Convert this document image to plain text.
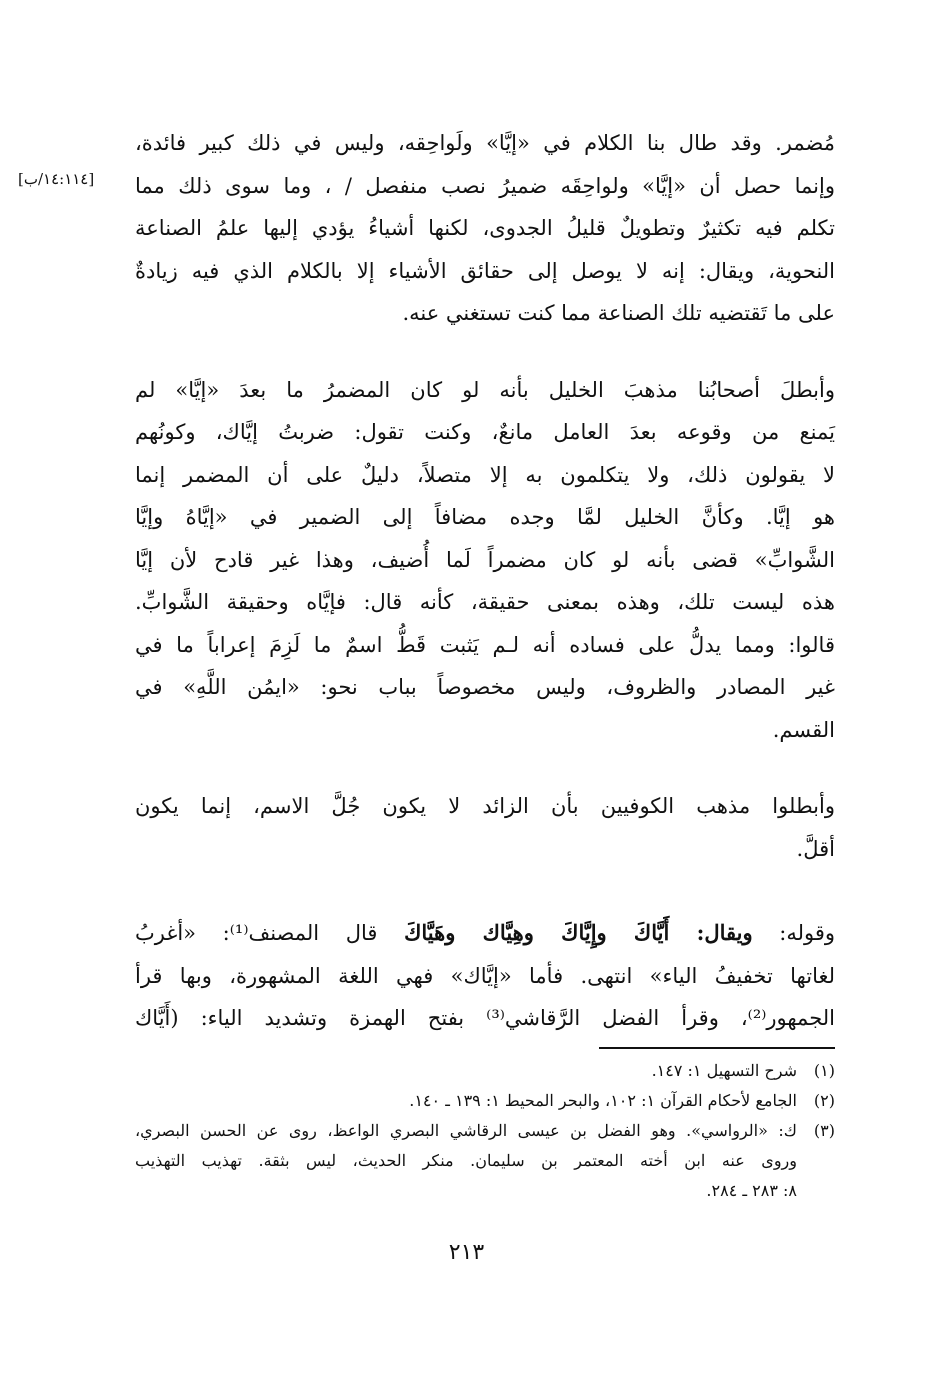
[١٤:١١٤/ب]
مُضمر. وقد طال بنا الكلام في «إيَّا» ولَواحِقه، وليس في ذلك كبير فائدة،
وإنما حصل أن «إيَّا» ولواحِقَه ضميرُ نصب منفصل / ، وما سوى ذلك مما
تكلم فيه تكثيرٌ وتطويلٌ قليلُ الجدوى، لكنها أشياءُ يؤدي إليها علمُ الصناعة
النحوية، ويقال: إنه لا يوصل إلى حقائق الأشياء إلا بالكلام الذي فيه زيادةٌ
على ما تَقتضيه تلك الصناعة مما كنت تستغني عنه.
وأبطلَ أصحابُنا مذهبَ الخليل بأنه لو كان المضمرُ ما بعدَ «إيَّا» لم
يَمنع من وقوعه بعدَ العامل مانعٌ، وكنت تقول: ضربتُ إيَّاك، وكونُهم
لا يقولون ذلك، ولا يتكلمون به إلا متصلاً، دليلٌ على أن المضمر إنما
هو إيَّا. وكأنَّ الخليل لمَّا وجده مضافاً إلى الضمير في «إيَّاهُ وإيَّا
الشَّوابِّ» قضى بأنه لو كان مضمراً لَما أُضيف، وهذا غير قادح لأن إيَّا
هذه ليست تلك، وهذه بمعنى حقيقة، كأنه قال: فإيَّاه وحقيقة الشَّوابِّ.
قالوا: ومما يدلُّ على فساده أنه لـم يَثبت قَطُّ اسمٌ ما لَزِمَ إعراباً ما في
غير المصادر والظروف، وليس مخصوصاً بباب نحو: «ايمُن اللَّهِ» في
القسم.
وأبطلوا مذهب الكوفيين بأن الزائد لا يكون جُلَّ الاسم، إنما يكون
أقلَّ.
وقوله: ويقال: أَيَّاكَ وإِيَّاكَ وهِيَّاك وهَيَّاكَ قال المصنف⁽¹⁾: «أغربُ
لغاتها تخفيفُ الياء» انتهى. فأما «إيَّاك» فهي اللغة المشهورة، وبها قرأ
الجمهور⁽²⁾، وقرأ الفضل الرَّقاشي⁽³⁾ بفتح الهمزة وتشديد الياء: (أَيَّاك
(١)
شرح التسهيل ١: ١٤٧.
(٢)
الجامع لأحكام القرآن ١: ١٠٢، والبحر المحيط ١: ١٣٩ ـ ١٤٠.
(٣)
ك: «الرواسي». وهو الفضل بن عيسى الرقاشي البصري الواعظ، روى عن الحسن البصري،
وروى عنه ابن أخته المعتمر بن سليمان. منكر الحديث، ليس بثقة. تهذيب التهذيب
٨: ٢٨٣ ـ ٢٨٤.
٢١٣
